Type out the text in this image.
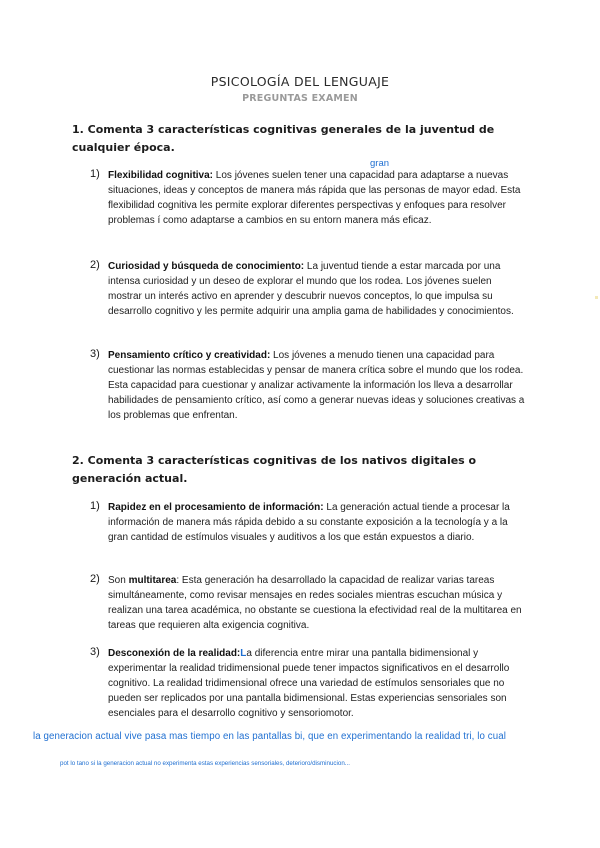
PSICOLOGÍA DEL LENGUAJE
PREGUNTAS EXAMEN
1. Comenta 3 características cognitivas generales de la juventud de cualquier época.
gran
1) Flexibilidad cognitiva: Los jóvenes suelen tener una capacidad para adaptarse a nuevas situaciones, ideas y conceptos de manera más rápida que las personas de mayor edad. Esta flexibilidad cognitiva les permite explorar diferentes perspectivas y enfoques para resolver problemas í como adaptarse a cambios en su entorn manera más eficaz.
2) Curiosidad y búsqueda de conocimiento: La juventud tiende a estar marcada por una intensa curiosidad y un deseo de explorar el mundo que los rodea. Los jóvenes suelen mostrar un interés activo en aprender y descubrir nuevos conceptos, lo que impulsa su desarrollo cognitivo y les permite adquirir una amplia gama de habilidades y conocimientos.
3) Pensamiento crítico y creatividad: Los jóvenes a menudo tienen una capacidad para cuestionar las normas establecidas y pensar de manera crítica sobre el mundo que los rodea. Esta capacidad para cuestionar y analizar activamente la información los lleva a desarrollar habilidades de pensamiento crítico, así como a generar nuevas ideas y soluciones creativas a los problemas que enfrentan.
2. Comenta 3 características cognitivas de los nativos digitales o generación actual.
1) Rapidez en el procesamiento de información: La generación actual tiende a procesar la información de manera más rápida debido a su constante exposición a la tecnología y a la gran cantidad de estímulos visuales y auditivos a los que están expuestos a diario.
2) Son multitarea: Esta generación ha desarrollado la capacidad de realizar varias tareas simultáneamente, como revisar mensajes en redes sociales mientras escuchan música y realizan una tarea académica, no obstante se cuestiona la efectividad real de la multitarea en tareas que requieren alta exigencia cognitiva.
3) Desconexión de la realidad:La diferencia entre mirar una pantalla bidimensional y experimentar la realidad tridimensional puede tener impactos significativos en el desarrollo cognitivo. La realidad tridimensional ofrece una variedad de estímulos sensoriales que no pueden ser replicados por una pantalla bidimensional. Estas experiencias sensoriales son esenciales para el desarrollo cognitivo y sensoriomotor.
la generacion actual vive pasa mas tiempo en las pantallas bi, que en experimentando la realidad tri, lo cual
pot lo tano si la generacion actual no experimenta estas experiencias sensoriales, deterioro/disminucion...
